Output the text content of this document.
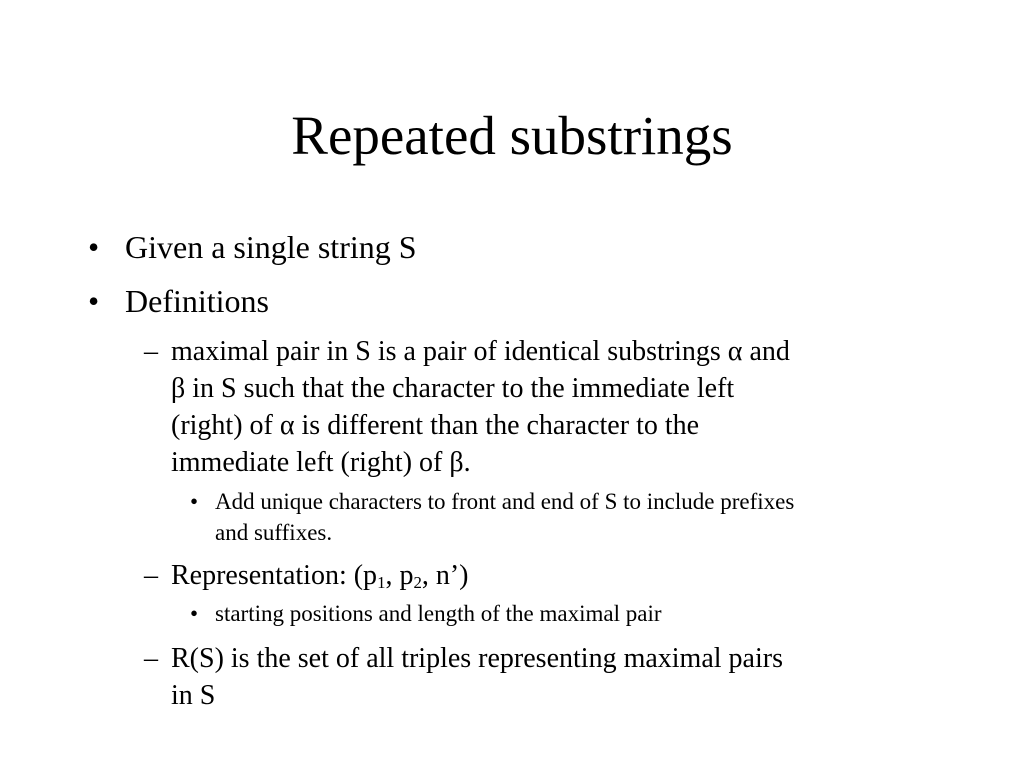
Repeated substrings
• Given a single string S
• Definitions
– maximal pair in S is a pair of identical substrings α and
β in S such that the character to the immediate left
(right) of α is different than the character to the
immediate left (right) of β.
• Add unique characters to front and end of S to include prefixes
and suffixes.
– Representation: ($p_1$, $p_2$, n’)
• starting positions and length of the maximal pair
– R(S) is the set of all triples representing maximal pairs
in S
